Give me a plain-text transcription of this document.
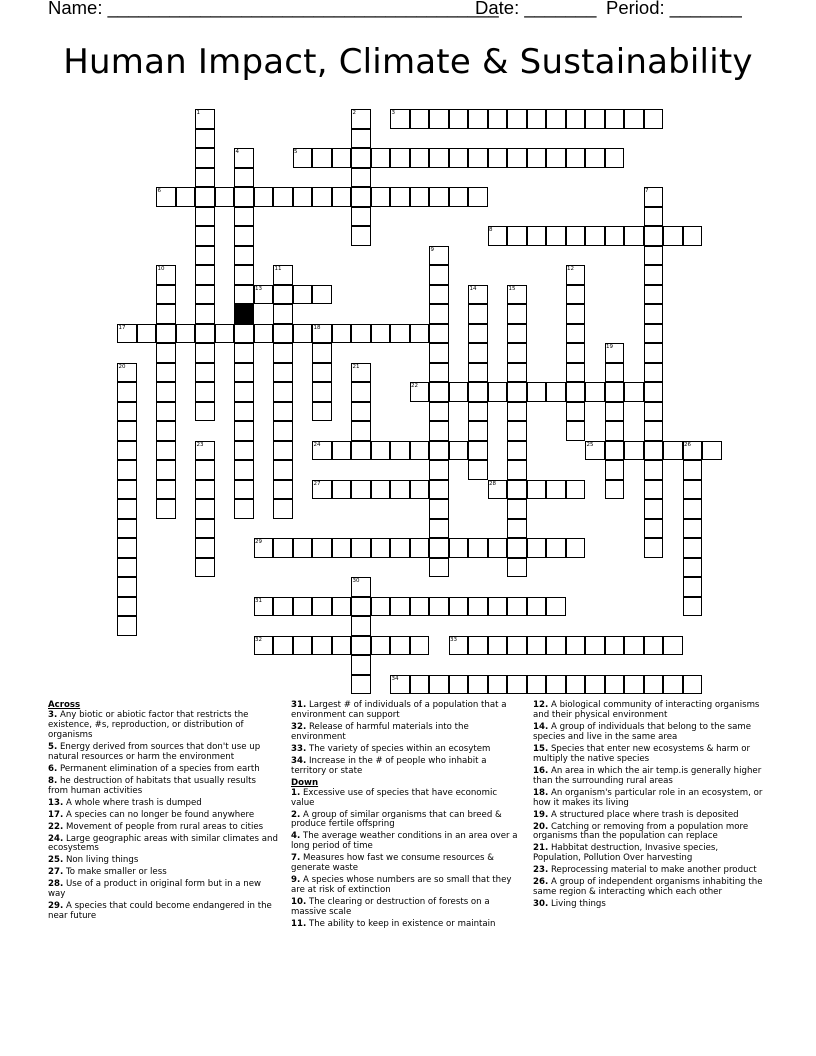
Name: ______________________________________
Date: _______ Period: _______
Human Impact, Climate & Sustainability
1	2	3
4	5
6	7
8
9
10	11	12
13	14	15
16
17	18
19
20	21
22
23	24	25	26
27	28
29
30
31
32	33
34

Across

3. Any biotic or abiotic factor that restricts the existence, #s, reproduction, or distribution of organisms

5. Energy derived from sources that don't use up natural resources or harm the environment

6. Permanent elimination of a species from earth

8. he destruction of habitats that usually results from human activities

13. A whole where trash is dumped

17. A species can no longer be found anywhere

22. Movement of people from rural areas to cities

24. Large geographic areas with similar climates and ecosystems

25. Non living things

27. To make smaller or less

28. Use of a product in original form but in a new way

29. A species that could become endangered in the near future

31. Largest # of individuals of a population that a environment can support

32. Release of harmful materials into the environment

33. The variety of species within an ecosytem

34. Increase in the # of people who inhabit a territory or state

Down

1. Excessive use of species that have economic value

2. A group of similar organisms that can breed & produce fertile offspring

4. The average weather conditions in an area over a long period of time

7. Measures how fast we consume resources & generate waste

9. A species whose numbers are so small that they are at risk of extinction

10. The clearing or destruction of forests on a massive scale

11. The ability to keep in existence or maintain

12. A biological community of interacting organisms and their physical environment

14. A group of individuals that belong to the same species and live in the same area

15. Species that enter new ecosystems & harm or multiply the native species

16. An area in which the air temp.is generally higher than the surrounding rural areas

18. An organism's particular role in an ecosystem, or how it makes its living

19. A structured place where trash is deposited

20. Catching or removing from a population more organisms than the population can replace

21. Habbitat destruction, Invasive species, Population, Pollution Over harvesting

23. Reprocessing material to make another product

26. A group of independent organisms inhabiting the same region & interacting which each other

30. Living things
